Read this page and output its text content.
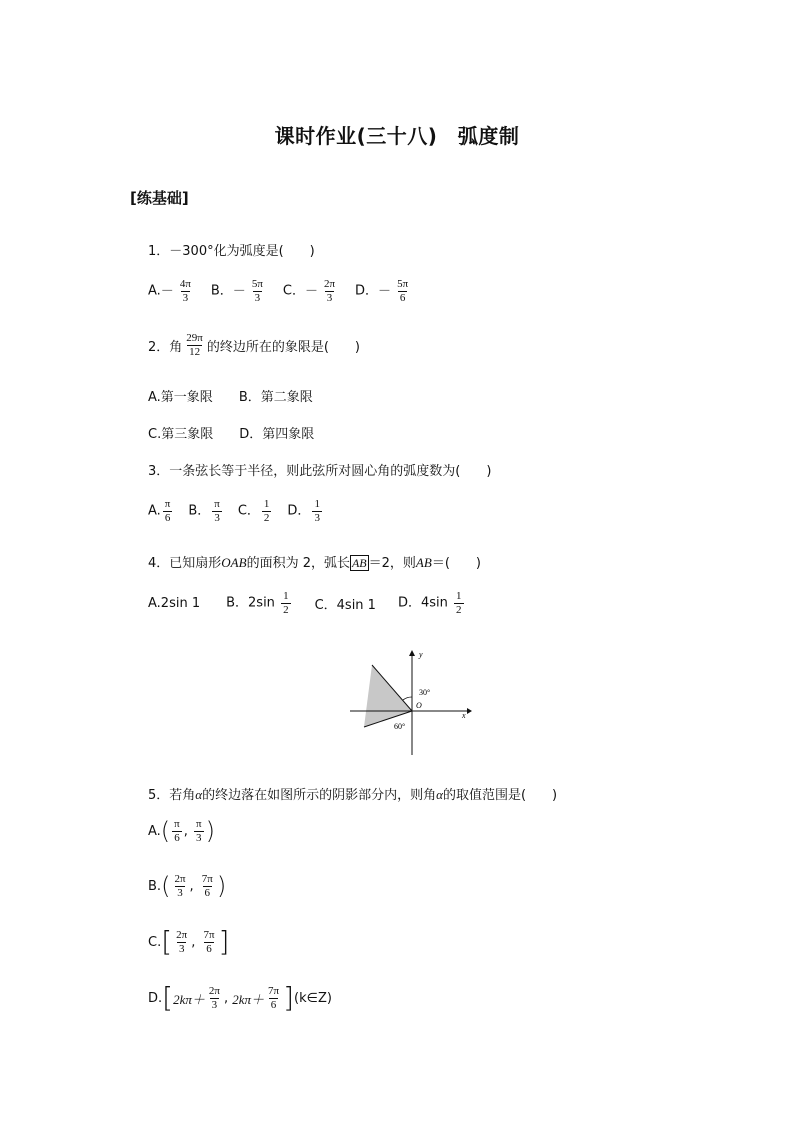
课时作业(三十八)　弧度制
[练基础]
1．－300°化为弧度是(　　)
$A.- \frac{4\pi}{3}$ B．－ $\frac{5\pi}{3}$ C．－ $\frac{2\pi}{3}$ D．－ $\frac{5\pi}{6}$
2．角 $\frac{29\pi}{12}$ 的终边所在的象限是(　　)
A.第一象限 B．第二象限
C.第三象限 D．第四象限
3．一条弦长等于半径，则此弦所对圆心角的弧度数为(　　)
A. $\frac{\pi}{6}$ B． $\frac{\pi}{3}$ C． $\frac{1}{2}$ D． $\frac{1}{3}$
4．已知扇形OAB的面积为 2，弧长 AB ＝2，则AB＝(　　)
A.2sin 1 B．$2\sin \frac{1}{2}$ C．4sin 1 D．$4\sin \frac{1}{2}$
y
x
O
30°
60°
5．若角α的终边落在如图所示的阴影部分内，则角α的取值范围是(　　)
A. ( $\frac{\pi}{6}$ , $\frac{\pi}{3}$ )
B. ( $\frac{2\pi}{3}$ , $\frac{7\pi}{6}$ )
C. [ $\frac{2\pi}{3}$ , $\frac{7\pi}{6}$ ]
D. [ $2k\pi+ \frac{2\pi}{3}$ , $2k\pi+ \frac{7\pi}{6}$ ] (k∈Z)
